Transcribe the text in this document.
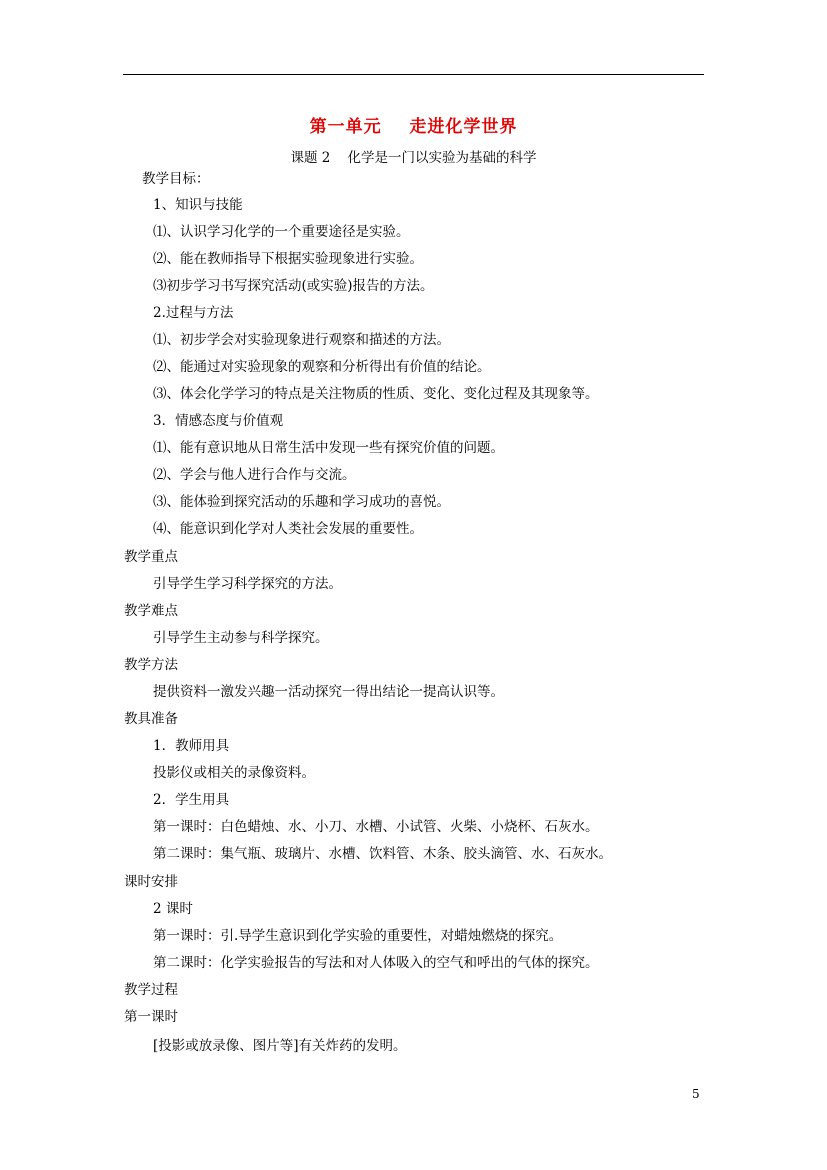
第一单元    走进化学世界
课题 2    化学是一门以实验为基础的科学
教学目标：
1、知识与技能
⑴、认识学习化学的一个重要途径是实验。
⑵、能在教师指导下根据实验现象进行实验。
⑶初步学习书写探究活动(或实验)报告的方法。
2.过程与方法
⑴、初步学会对实验现象进行观察和描述的方法。
⑵、能通过对实验现象的观察和分析得出有价值的结论。
⑶、体会化学学习的特点是关注物质的性质、变化、变化过程及其现象等。
3．情感态度与价值观
⑴、能有意识地从日常生活中发现一些有探究价值的问题。
⑵、学会与他人进行合作与交流。
⑶、能体验到探究活动的乐趣和学习成功的喜悦。
⑷、能意识到化学对人类社会发展的重要性。
教学重点
引导学生学习科学探究的方法。
教学难点
引导学生主动参与科学探究。
教学方法
提供资料一激发兴趣一活动探究一得出结论一提高认识等。
教具准备
1．教师用具
投影仪或相关的录像资料。
2．学生用具
第一课时：白色蜡烛、水、小刀、水槽、小试管、火柴、小烧杯、石灰水。
第二课时：集气瓶、玻璃片、水槽、饮料管、木条、胶头滴管、水、石灰水。
课时安排
2 课时
第一课时：引.导学生意识到化学实验的重要性，对蜡烛燃烧的探究。
第二课时：化学实验报告的写法和对人体吸入的空气和呼出的气体的探究。
教学过程
第一课时
[投影或放录像、图片等]有关炸药的发明。
5
